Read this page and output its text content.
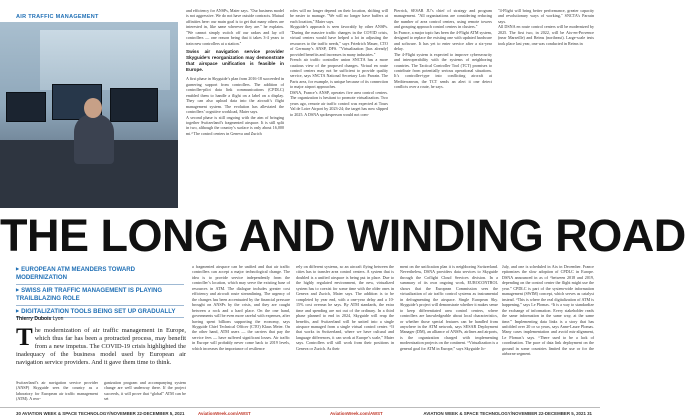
AIR TRAFFIC MANAGEMENT

and efficiency for ANSPs, Maier says. "Our business model is not aggressive. We do not have outside contracts. Mutual affinities here: our main goal is to get that many others are interested in, like same wherever they are." he explains. "We cannot simply switch off our radars and lay off controllers — one reason being that it takes 3-4 years to train new controllers at a station."

Swiss air navigation service provider Skyguide’s reorganization may demonstrate that airspace unification is feasible in Europe.

A first phase in Skyguide’s plan from 2016-18 succeeded in garnering support from controllers. The addition of controller-pilot data link communications (CPDLC) enabled them to handle a flight on a label on a display. They can also upload data into the aircraft’s flight management system. The evolution has alleviated the controllers’ cognitive workload, Maier says.

A second phase is still ongoing with the aim of bringing together Switzerland’s fragmented airspace. It is still split in two, although the country’s surface is only about 16,000 mi.² The control centers in Geneva and Zurich

roles will no longer depend on their location, shifting will be easier to manage. "We will no longer have buffers at each location," Maier says.

Skyguide’s approach is seen favorably by other ANSPs. "During the massive traffic changes in the COVID crisis, virtual centers would have helped a lot in adjusting the resources to the traffic needs," says Friedrich Mauer, CTO of Germany’s ANSP, DFS. "Virtualization [has already] provided benefits and increases in many industries."

French air traffic controller union SNCTA has a more cautious view of the proposed changes. Virtual en route control centers may not be sufficient to provide quality service, says SNCTA National Secretary Loic Parrain. The Paris area, for example, is unique because of its connection to major airport approaches.

DSNA, France’s ANSP, operates five area control centers. The organization is hesitant to promote virtualization. Two years ago, remote air traffic control was expected at Tours Val de Loire Airport by 2023-24; the target has now slipped to 2025. A DSNA spokesperson would not com-

Pierrick, SESAR JU’s chief of strategy and program management. "All organizations are considering reducing the number of area control centers, using remote towers and grouping approach control centers in clusters."

In France, a major topic has been the 4-Flight ATM system, designed to replace the existing one with updated hardware and software. It has yet to enter service after a six-year delay.

The 4-Flight system is expected to improve cybersecurity and interoperability with the systems of neighboring countries. The Tactical Controller Tool (TCT) promises to contribute from potentially serious operational situations. It’s controller-type into conflicting aircraft at Mediterranean, the TCT sends an alert it one detect conflicts over a route, he says.

"4-Flight will bring better performance, greater capacity and revolutionary ways of working," SNCTA’s Parrain says.

All DSNA en route control centers will be modernized by 2025. The first two, in 2022, will be Aix-en-Provence (near Marseille) and Reims (northeast). Large-scale tests took place last year, one was conducted in Reims in

THE LONG AND WINDING ROAD
▶ EUROPEAN ATM MEANDERS TOWARD MODERNIZATION
▶ SWISS AIR TRAFFIC MANAGEMENT IS PLAYING TRAILBLAZING ROLE
▶ DIGITALIZATION TOOLS BEING SET UP GRADUALLY
Thierry Dubois Lyon
The modernization of air traffic management in Europe, which thus far has been a protracted process, may benefit from a new impetus. The COVID-19 crisis highlighted the inadequacy of the business model used by European air navigation service providers. And it gave them time to think.
Switzerland’s air navigation service provider (ANSP) Skyguide sees the country as a laboratory for European air traffic management (ATM). A reor-
ganization program and accompanying system change are well underway there. If the project succeeds, it will prove that “global” ATM can be set
a fragmented airspace can be unified and that air traffic controllers can accept a major technological change. The idea is to provide service independently from the controller’s location, which may serve the existing base of resources in ATM. The dialogue includes greater cost efficiency and aircraft route streamlining. The urgency of the changes has been accentuated by the financial pressure brought on ANSPs by the crisis, and they are caught between a rock and a hard place. On the one hand, governments will be even more careful with expenses, after having spent billions supporting the economy, says Skyguide Chief Technical Officer (CTO) Klaus Meier. On the other hand, ATM users — the carriers that pay the service fees — have suffered significant losses. Air traffic in Europe will probably never come back to 2019 levels, which increases the importance of resilience
rely on different systems, so an aircraft flying between the cities has to transfer area control centers. A system that is doubled is a unified airspace is being put in place. Due to the highly regulated environment, the new, virtualized system has to coexist for some time with the older ones in Geneva and Zurich, Maier says. The addition is to be completed by year end, with a one-year delay and a 10-15% cost overrun he says. By ATM standards, the extra time and spending are not out of the ordinary. In a third phase planned to end in 2024, Skyguide will reap the benefits, and Switzerland will be united into a single airspace managed from a single virtual control center. “If that works in Switzerland, where we have cultural and language differences, it can work at Europe’s scale,” Maier says. Controllers will still work from their positions in Geneva or Zurich. As their
ment on the unification plan it is neighboring Switzerland. Nevertheless, DSNA providers data services to Skyguide through the Coflight Cloud Services division. In a summary of its own ongoing work, EUROCONTROL shows that the European Commission sees the virtualization of air traffic control systems as instrumental in defragmenting the airspace. Single European Sky. Skyguide’s project will demonstrate whether it makes sense to keep differentiated area control centers, where controllers are knowledgeable about local characteristics, or whether those special features can be handled from anywhere in the ATM network, says SESAR Deployment Manager (DM), an alliance of ANSPs, airlines and airports, is the organization charged with implementing modernization projects on the continent. “Virtualization is a general goal for ATM in Europe,” says Skyguide Jo-
July, and one is scheduled in Aix in December. France epitomizes the slow adoption of CPDLC in Europe. DSNA announced in as of “between 2018 and 2019, depending on the control center the flight might use the year.” CPDLC is part of the system-wide information management (SWIM) concept, which serves as catalyst instead. “This is where the real digitalization of ATM is happening,” says Le Plomas. “It is a way to standardize the exchange of information. Every stakeholder reads the same information in the same way, at the same time.” Implementing data links is a story that has unfolded over 20 or so years, says Anne-Laure Plomas. Many cases implementation and avoid mis-alignment, Le Plomas’s says. “There used to be a lack of coordination. The pace of data link deployment on the ground in some countries limited the use or for the airborne segment.
30 AVIATION WEEK & SPACE TECHNOLOGY/NOVEMBER 22-DECEMBER 5, 2021	AviationWeek.com/AWST	AviationWeek.com/AWST	AVIATION WEEK & SPACE TECHNOLOGY/NOVEMBER 22-DECEMBER 5, 2021 31
